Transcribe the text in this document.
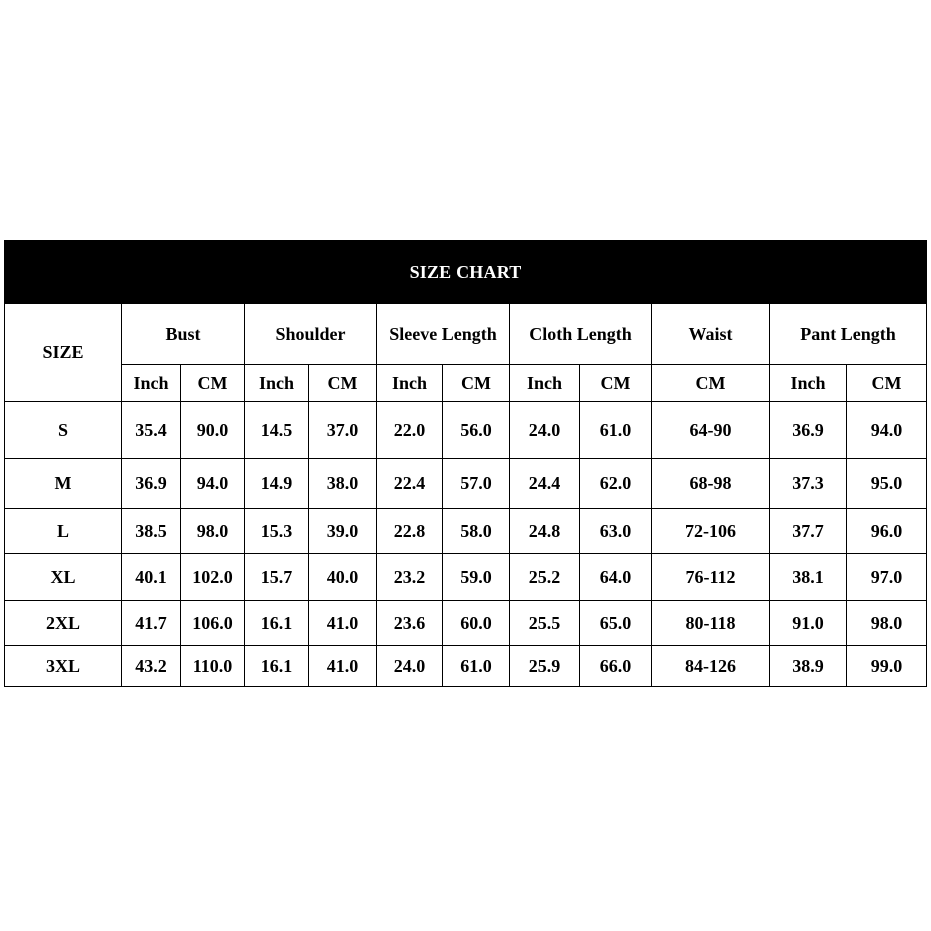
SIZE CHART											
SIZE	Bust		Shoulder		Sleeve Length		Cloth Length		Waist	Pant Length	
	Inch	CM	Inch	CM	Inch	CM	Inch	CM	CM	Inch	CM
S	35.4	90.0	14.5	37.0	22.0	56.0	24.0	61.0	64-90	36.9	94.0
M	36.9	94.0	14.9	38.0	22.4	57.0	24.4	62.0	68-98	37.3	95.0
L	38.5	98.0	15.3	39.0	22.8	58.0	24.8	63.0	72-106	37.7	96.0
XL	40.1	102.0	15.7	40.0	23.2	59.0	25.2	64.0	76-112	38.1	97.0
2XL	41.7	106.0	16.1	41.0	23.6	60.0	25.5	65.0	80-118	91.0	98.0
3XL	43.2	110.0	16.1	41.0	24.0	61.0	25.9	66.0	84-126	38.9	99.0
